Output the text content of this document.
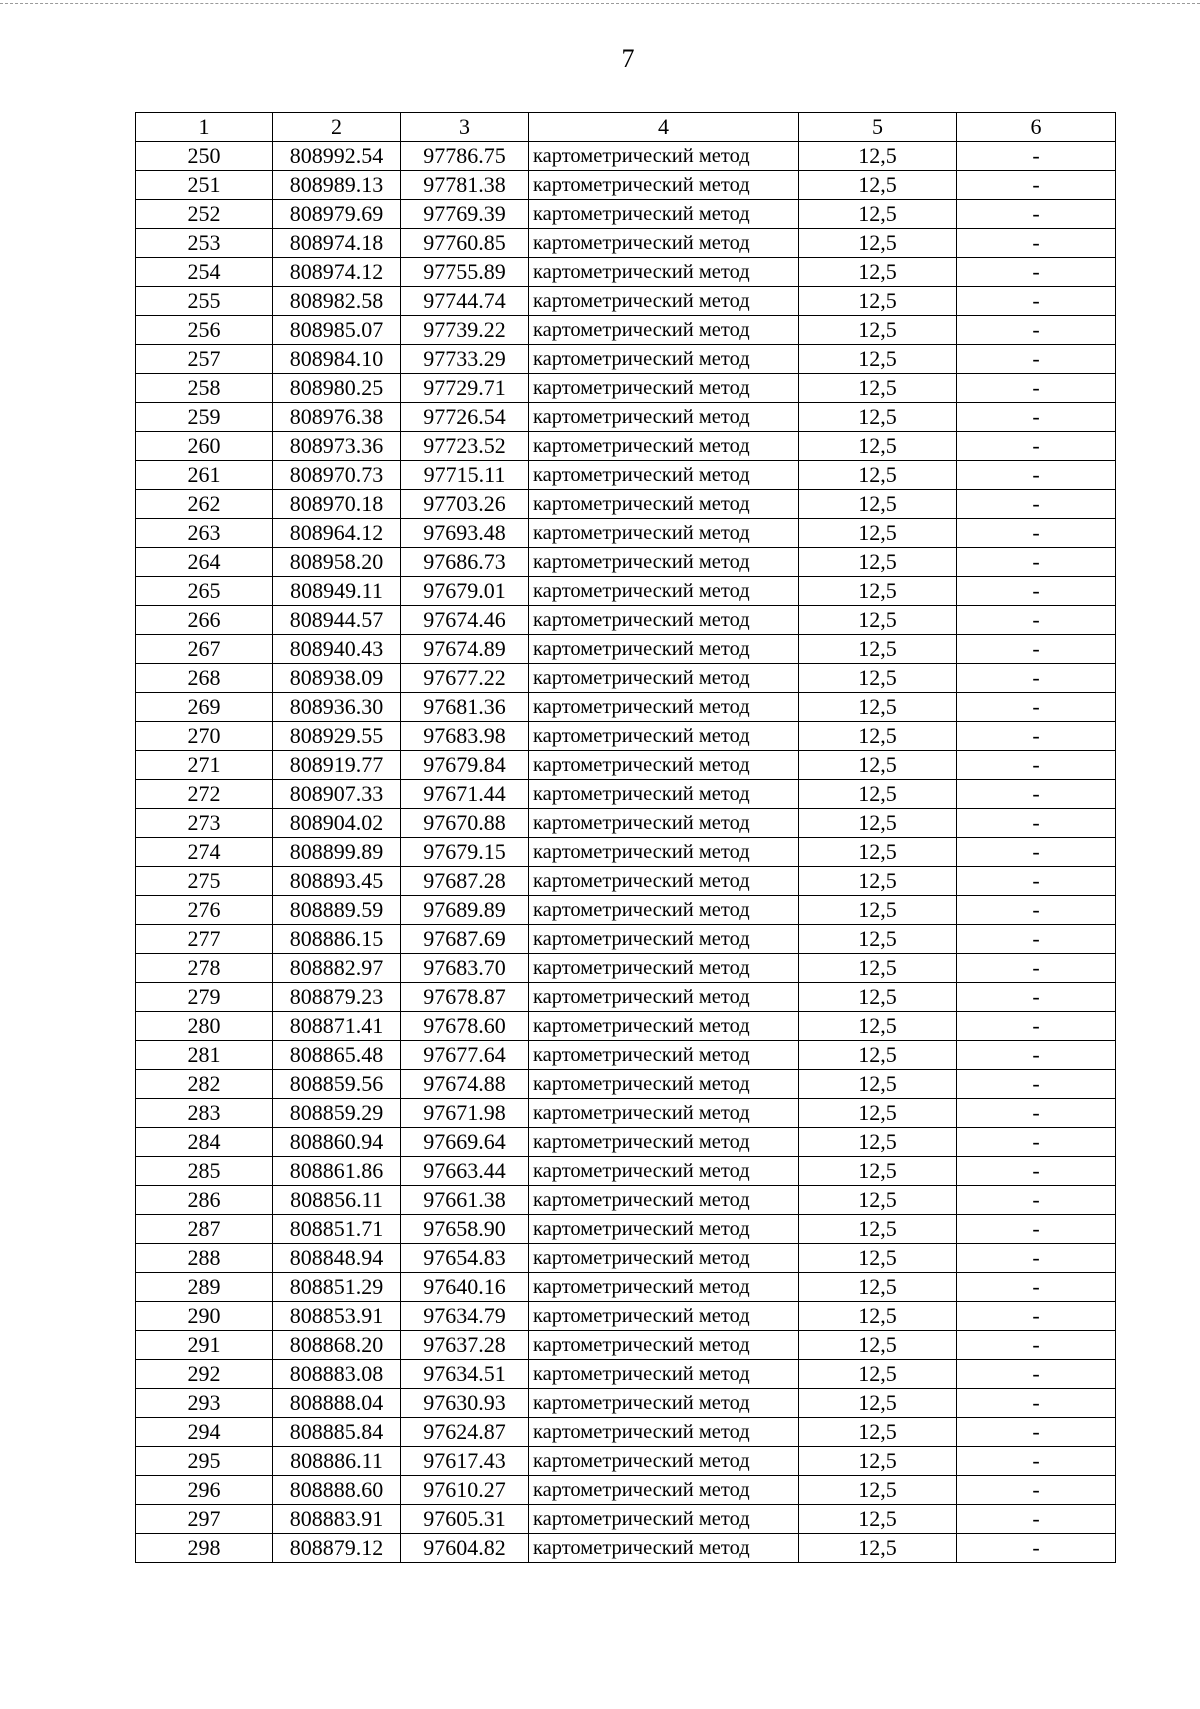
7
1	2	3	4	5	6
250	808992.54	97786.75	картометрический метод	12,5	-
251	808989.13	97781.38	картометрический метод	12,5	-
252	808979.69	97769.39	картометрический метод	12,5	-
253	808974.18	97760.85	картометрический метод	12,5	-
254	808974.12	97755.89	картометрический метод	12,5	-
255	808982.58	97744.74	картометрический метод	12,5	-
256	808985.07	97739.22	картометрический метод	12,5	-
257	808984.10	97733.29	картометрический метод	12,5	-
258	808980.25	97729.71	картометрический метод	12,5	-
259	808976.38	97726.54	картометрический метод	12,5	-
260	808973.36	97723.52	картометрический метод	12,5	-
261	808970.73	97715.11	картометрический метод	12,5	-
262	808970.18	97703.26	картометрический метод	12,5	-
263	808964.12	97693.48	картометрический метод	12,5	-
264	808958.20	97686.73	картометрический метод	12,5	-
265	808949.11	97679.01	картометрический метод	12,5	-
266	808944.57	97674.46	картометрический метод	12,5	-
267	808940.43	97674.89	картометрический метод	12,5	-
268	808938.09	97677.22	картометрический метод	12,5	-
269	808936.30	97681.36	картометрический метод	12,5	-
270	808929.55	97683.98	картометрический метод	12,5	-
271	808919.77	97679.84	картометрический метод	12,5	-
272	808907.33	97671.44	картометрический метод	12,5	-
273	808904.02	97670.88	картометрический метод	12,5	-
274	808899.89	97679.15	картометрический метод	12,5	-
275	808893.45	97687.28	картометрический метод	12,5	-
276	808889.59	97689.89	картометрический метод	12,5	-
277	808886.15	97687.69	картометрический метод	12,5	-
278	808882.97	97683.70	картометрический метод	12,5	-
279	808879.23	97678.87	картометрический метод	12,5	-
280	808871.41	97678.60	картометрический метод	12,5	-
281	808865.48	97677.64	картометрический метод	12,5	-
282	808859.56	97674.88	картометрический метод	12,5	-
283	808859.29	97671.98	картометрический метод	12,5	-
284	808860.94	97669.64	картометрический метод	12,5	-
285	808861.86	97663.44	картометрический метод	12,5	-
286	808856.11	97661.38	картометрический метод	12,5	-
287	808851.71	97658.90	картометрический метод	12,5	-
288	808848.94	97654.83	картометрический метод	12,5	-
289	808851.29	97640.16	картометрический метод	12,5	-
290	808853.91	97634.79	картометрический метод	12,5	-
291	808868.20	97637.28	картометрический метод	12,5	-
292	808883.08	97634.51	картометрический метод	12,5	-
293	808888.04	97630.93	картометрический метод	12,5	-
294	808885.84	97624.87	картометрический метод	12,5	-
295	808886.11	97617.43	картометрический метод	12,5	-
296	808888.60	97610.27	картометрический метод	12,5	-
297	808883.91	97605.31	картометрический метод	12,5	-
298	808879.12	97604.82	картометрический метод	12,5	-
